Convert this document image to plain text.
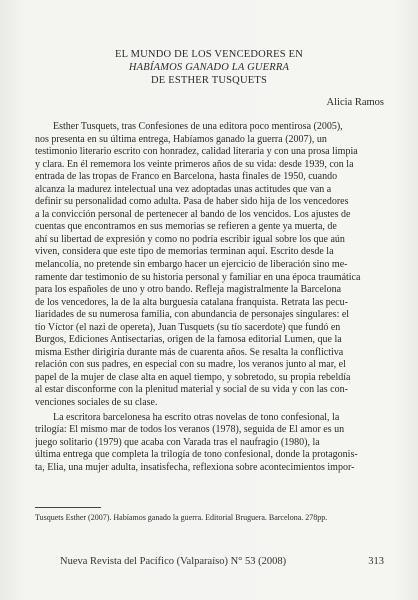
EL MUNDO DE LOS VENCEDORES EN
HABÍAMOS GANADO LA GUERRA
DE ESTHER TUSQUETS
Alicia Ramos
Esther Tusquets, tras Confesiones de una editora poco mentirosa (2005),
nos presenta en su última entrega, Habíamos ganado la guerra (2007), un
testimonio literario escrito con honradez, calidad literaria y con una prosa limpia
y clara. En él rememora los veinte primeros años de su vida: desde 1939, con la
entrada de las tropas de Franco en Barcelona, hasta finales de 1950, cuando
alcanza la madurez intelectual una vez adoptadas unas actitudes que van a
definir su personalidad como adulta. Pasa de haber sido hija de los vencedores
a la convicción personal de pertenecer al bando de los vencidos. Los ajustes de
cuentas que encontramos en sus memorias se refieren a gente ya muerta, de
ahí su libertad de expresión y como no podría escribir igual sobre los que aún
viven, considera que este tipo de memorias terminan aquí. Escrito desde la
melancolía, no pretende sin embargo hacer un ejercicio de liberación sino me-
ramente dar testimonio de su historia personal y familiar en una época traumática
para los españoles de uno y otro bando. Refleja magistralmente la Barcelona
de los vencedores, la de la alta burguesía catalana franquista. Retrata las pecu-
liaridades de su numerosa familia, con abundancia de personajes singulares: el
tío Víctor (el nazi de opereta), Juan Tusquets (su tío sacerdote) que fundó en
Burgos, Ediciones Antisectarias, origen de la famosa editorial Lumen, que la
misma Esther dirigiría durante más de cuarenta años. Se resalta la conflictiva
relación con sus padres, en especial con su madre, los veranos junto al mar, el
papel de la mujer de clase alta en aquel tiempo, y sobretodo, su propia rebeldía
al estar disconforme con la plenitud material y social de su vida y con las con-
venciones sociales de su clase.
La escritora barcelonesa ha escrito otras novelas de tono confesional, la
trilogía: El mismo mar de todos los veranos (1978), seguida de El amor es un
juego solitario (1979) que acaba con Varada tras el naufragio (1980), la
última entrega que completa la trilogía de tono confesional, donde la protagonis-
ta, Elia, una mujer adulta, insatisfecha, reflexiona sobre acontecimientos impor-
Tusquets Esther (2007). Habíamos ganado la guerra. Editorial Bruguera. Barcelona. 278pp.
Nueva Revista del Pacífico (Valparaíso) N° 53 (2008)	313
